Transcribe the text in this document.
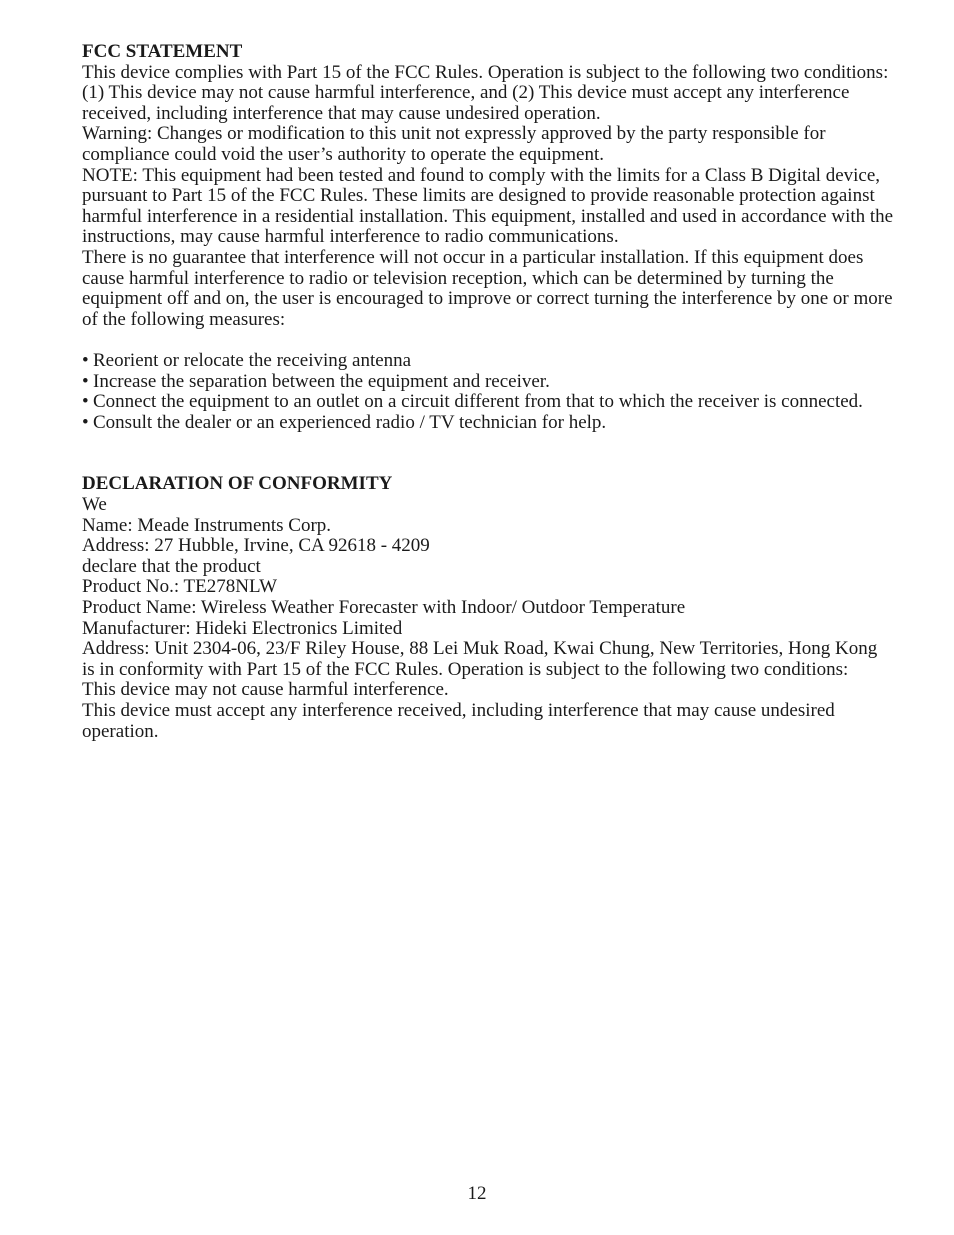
FCC STATEMENT

This device complies with Part 15 of the FCC Rules. Operation is subject to the following two conditions: (1) This device may not cause harmful interference, and (2) This device must accept any interference received, including interference that may cause undesired operation.

Warning: Changes or modification to this unit not expressly approved by the party responsible for compliance could void the user’s authority to operate the equipment.

NOTE: This equipment had been tested and found to comply with the limits for a Class B Digital device, pursuant to Part 15 of the FCC Rules. These limits are designed to provide reasonable protection against harmful interference in a residential installation. This equipment, installed and used in accordance with the instructions, may cause harmful interference to radio communications.

There is no guarantee that interference will not occur in a particular installation. If this equipment does cause harmful interference to radio or television reception, which can be determined by turning the equipment off and on, the user is encouraged to improve or correct turning the interference by one or more of the following measures:

• Reorient or relocate the receiving antenna
• Increase the separation between the equipment and receiver.
• Connect the equipment to an outlet on a circuit different from that to which the receiver is connected.
• Consult the dealer or an experienced radio / TV technician for help.

DECLARATION OF CONFORMITY

We

Name: Meade Instruments Corp.

Address: 27 Hubble, Irvine, CA 92618 - 4209

declare that the product

Product No.: TE278NLW

Product Name: Wireless Weather Forecaster with Indoor/ Outdoor Temperature

Manufacturer: Hideki Electronics Limited

Address: Unit 2304-06, 23/F Riley House, 88 Lei Muk Road, Kwai Chung, New Territories, Hong Kong

is in conformity with Part 15 of the FCC Rules. Operation is subject to the following two conditions:

This device may not cause harmful interference.

This device must accept any interference received, including interference that may cause undesired operation.

12
